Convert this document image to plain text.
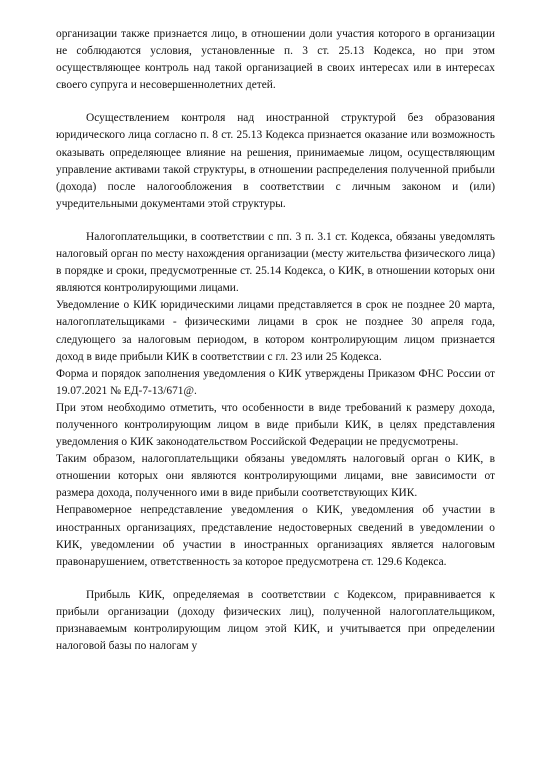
организации также признается лицо, в отношении доли участия которого в организации не соблюдаются условия, установленные п. 3 ст. 25.13 Кодекса, но при этом осуществляющее контроль над такой организацией в своих интересах или в интересах своего супруга и несовершеннолетних детей.

Осуществлением контроля над иностранной структурой без образования юридического лица согласно п. 8 ст. 25.13 Кодекса признается оказание или возможность оказывать определяющее влияние на решения, принимаемые лицом, осуществляющим управление активами такой структуры, в отношении распределения полученной прибыли (дохода) после налогообложения в соответствии с личным законом и (или) учредительными документами этой структуры.

Налогоплательщики, в соответствии с пп. 3 п. 3.1 ст. Кодекса, обязаны уведомлять налоговый орган по месту нахождения организации (месту жительства физического лица) в порядке и сроки, предусмотренные ст. 25.14 Кодекса, о КИК, в отношении которых они являются контролирующими лицами.

Уведомление о КИК юридическими лицами представляется в срок не позднее 20 марта, налогоплательщиками - физическими лицами в срок не позднее 30 апреля года, следующего за налоговым периодом, в котором контролирующим лицом признается доход в виде прибыли КИК в соответствии с гл. 23 или 25 Кодекса.

Форма и порядок заполнения уведомления о КИК утверждены Приказом ФНС России от 19.07.2021 № ЕД-7-13/671@.

При этом необходимо отметить, что особенности в виде требований к размеру дохода, полученного контролирующим лицом в виде прибыли КИК, в целях представления уведомления о КИК законодательством Российской Федерации не предусмотрены.

Таким образом, налогоплательщики обязаны уведомлять налоговый орган о КИК, в отношении которых они являются контролирующими лицами, вне зависимости от размера дохода, полученного ими в виде прибыли соответствующих КИК.

Неправомерное непредставление уведомления о КИК, уведомления об участии в иностранных организациях, представление недостоверных сведений в уведомлении о КИК, уведомлении об участии в иностранных организациях является налоговым правонарушением, ответственность за которое предусмотрена ст. 129.6 Кодекса.

Прибыль КИК, определяемая в соответствии с Кодексом, приравнивается к прибыли организации (доходу физических лиц), полученной налогоплательщиком, признаваемым контролирующим лицом этой КИК, и учитывается при определении налоговой базы по налогам у
